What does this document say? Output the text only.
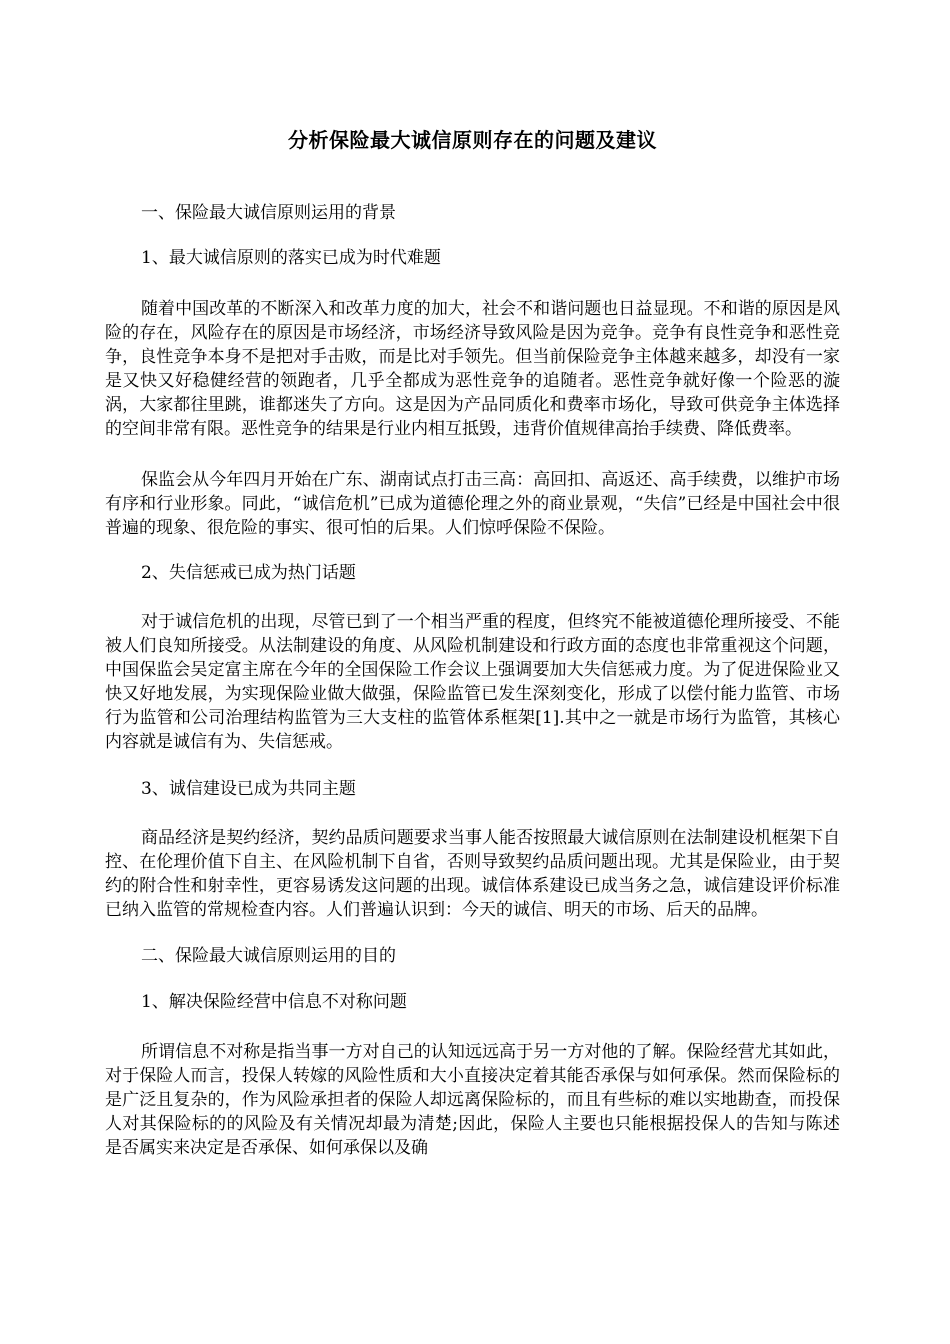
分析保险最大诚信原则存在的问题及建议

一、保险最大诚信原则运用的背景

1、最大诚信原则的落实已成为时代难题

随着中国改革的不断深入和改革力度的加大，社会不和谐问题也日益显现。不和谐的原因是风险的存在，风险存在的原因是市场经济，市场经济导致风险是因为竞争。竞争有良性竞争和恶性竞争，良性竞争本身不是把对手击败，而是比对手领先。但当前保险竞争主体越来越多，却没有一家是又快又好稳健经营的领跑者，几乎全都成为恶性竞争的追随者。恶性竞争就好像一个险恶的漩涡，大家都往里跳，谁都迷失了方向。这是因为产品同质化和费率市场化，导致可供竞争主体选择的空间非常有限。恶性竞争的结果是行业内相互抵毁，违背价值规律高抬手续费、降低费率。

保监会从今年四月开始在广东、湖南试点打击三高：高回扣、高返还、高手续费，以维护市场有序和行业形象。同此，“诚信危机”已成为道德伦理之外的商业景观，“失信”已经是中国社会中很普遍的现象、很危险的事实、很可怕的后果。人们惊呼保险不保险。

2、失信惩戒已成为热门话题

对于诚信危机的出现，尽管已到了一个相当严重的程度，但终究不能被道德伦理所接受、不能被人们良知所接受。从法制建设的角度、从风险机制建设和行政方面的态度也非常重视这个问题，中国保监会吴定富主席在今年的全国保险工作会议上强调要加大失信惩戒力度。为了促进保险业又快又好地发展，为实现保险业做大做强，保险监管已发生深刻变化，形成了以偿付能力监管、市场行为监管和公司治理结构监管为三大支柱的监管体系框架[1].其中之一就是市场行为监管，其核心内容就是诚信有为、失信惩戒。

3、诚信建设已成为共同主题

商品经济是契约经济，契约品质问题要求当事人能否按照最大诚信原则在法制建设机框架下自控、在伦理价值下自主、在风险机制下自省，否则导致契约品质问题出现。尤其是保险业，由于契约的附合性和射幸性，更容易诱发这问题的出现。诚信体系建设已成当务之急，诚信建设评价标准已纳入监管的常规检查内容。人们普遍认识到：今天的诚信、明天的市场、后天的品牌。

二、保险最大诚信原则运用的目的

1、解决保险经营中信息不对称问题

所谓信息不对称是指当事一方对自己的认知远远高于另一方对他的了解。保险经营尤其如此，对于保险人而言，投保人转嫁的风险性质和大小直接决定着其能否承保与如何承保。然而保险标的是广泛且复杂的，作为风险承担者的保险人却远离保险标的，而且有些标的难以实地勘查，而投保人对其保险标的的风险及有关情况却最为清楚;因此，保险人主要也只能根据投保人的告知与陈述是否属实来决定是否承保、如何承保以及确
